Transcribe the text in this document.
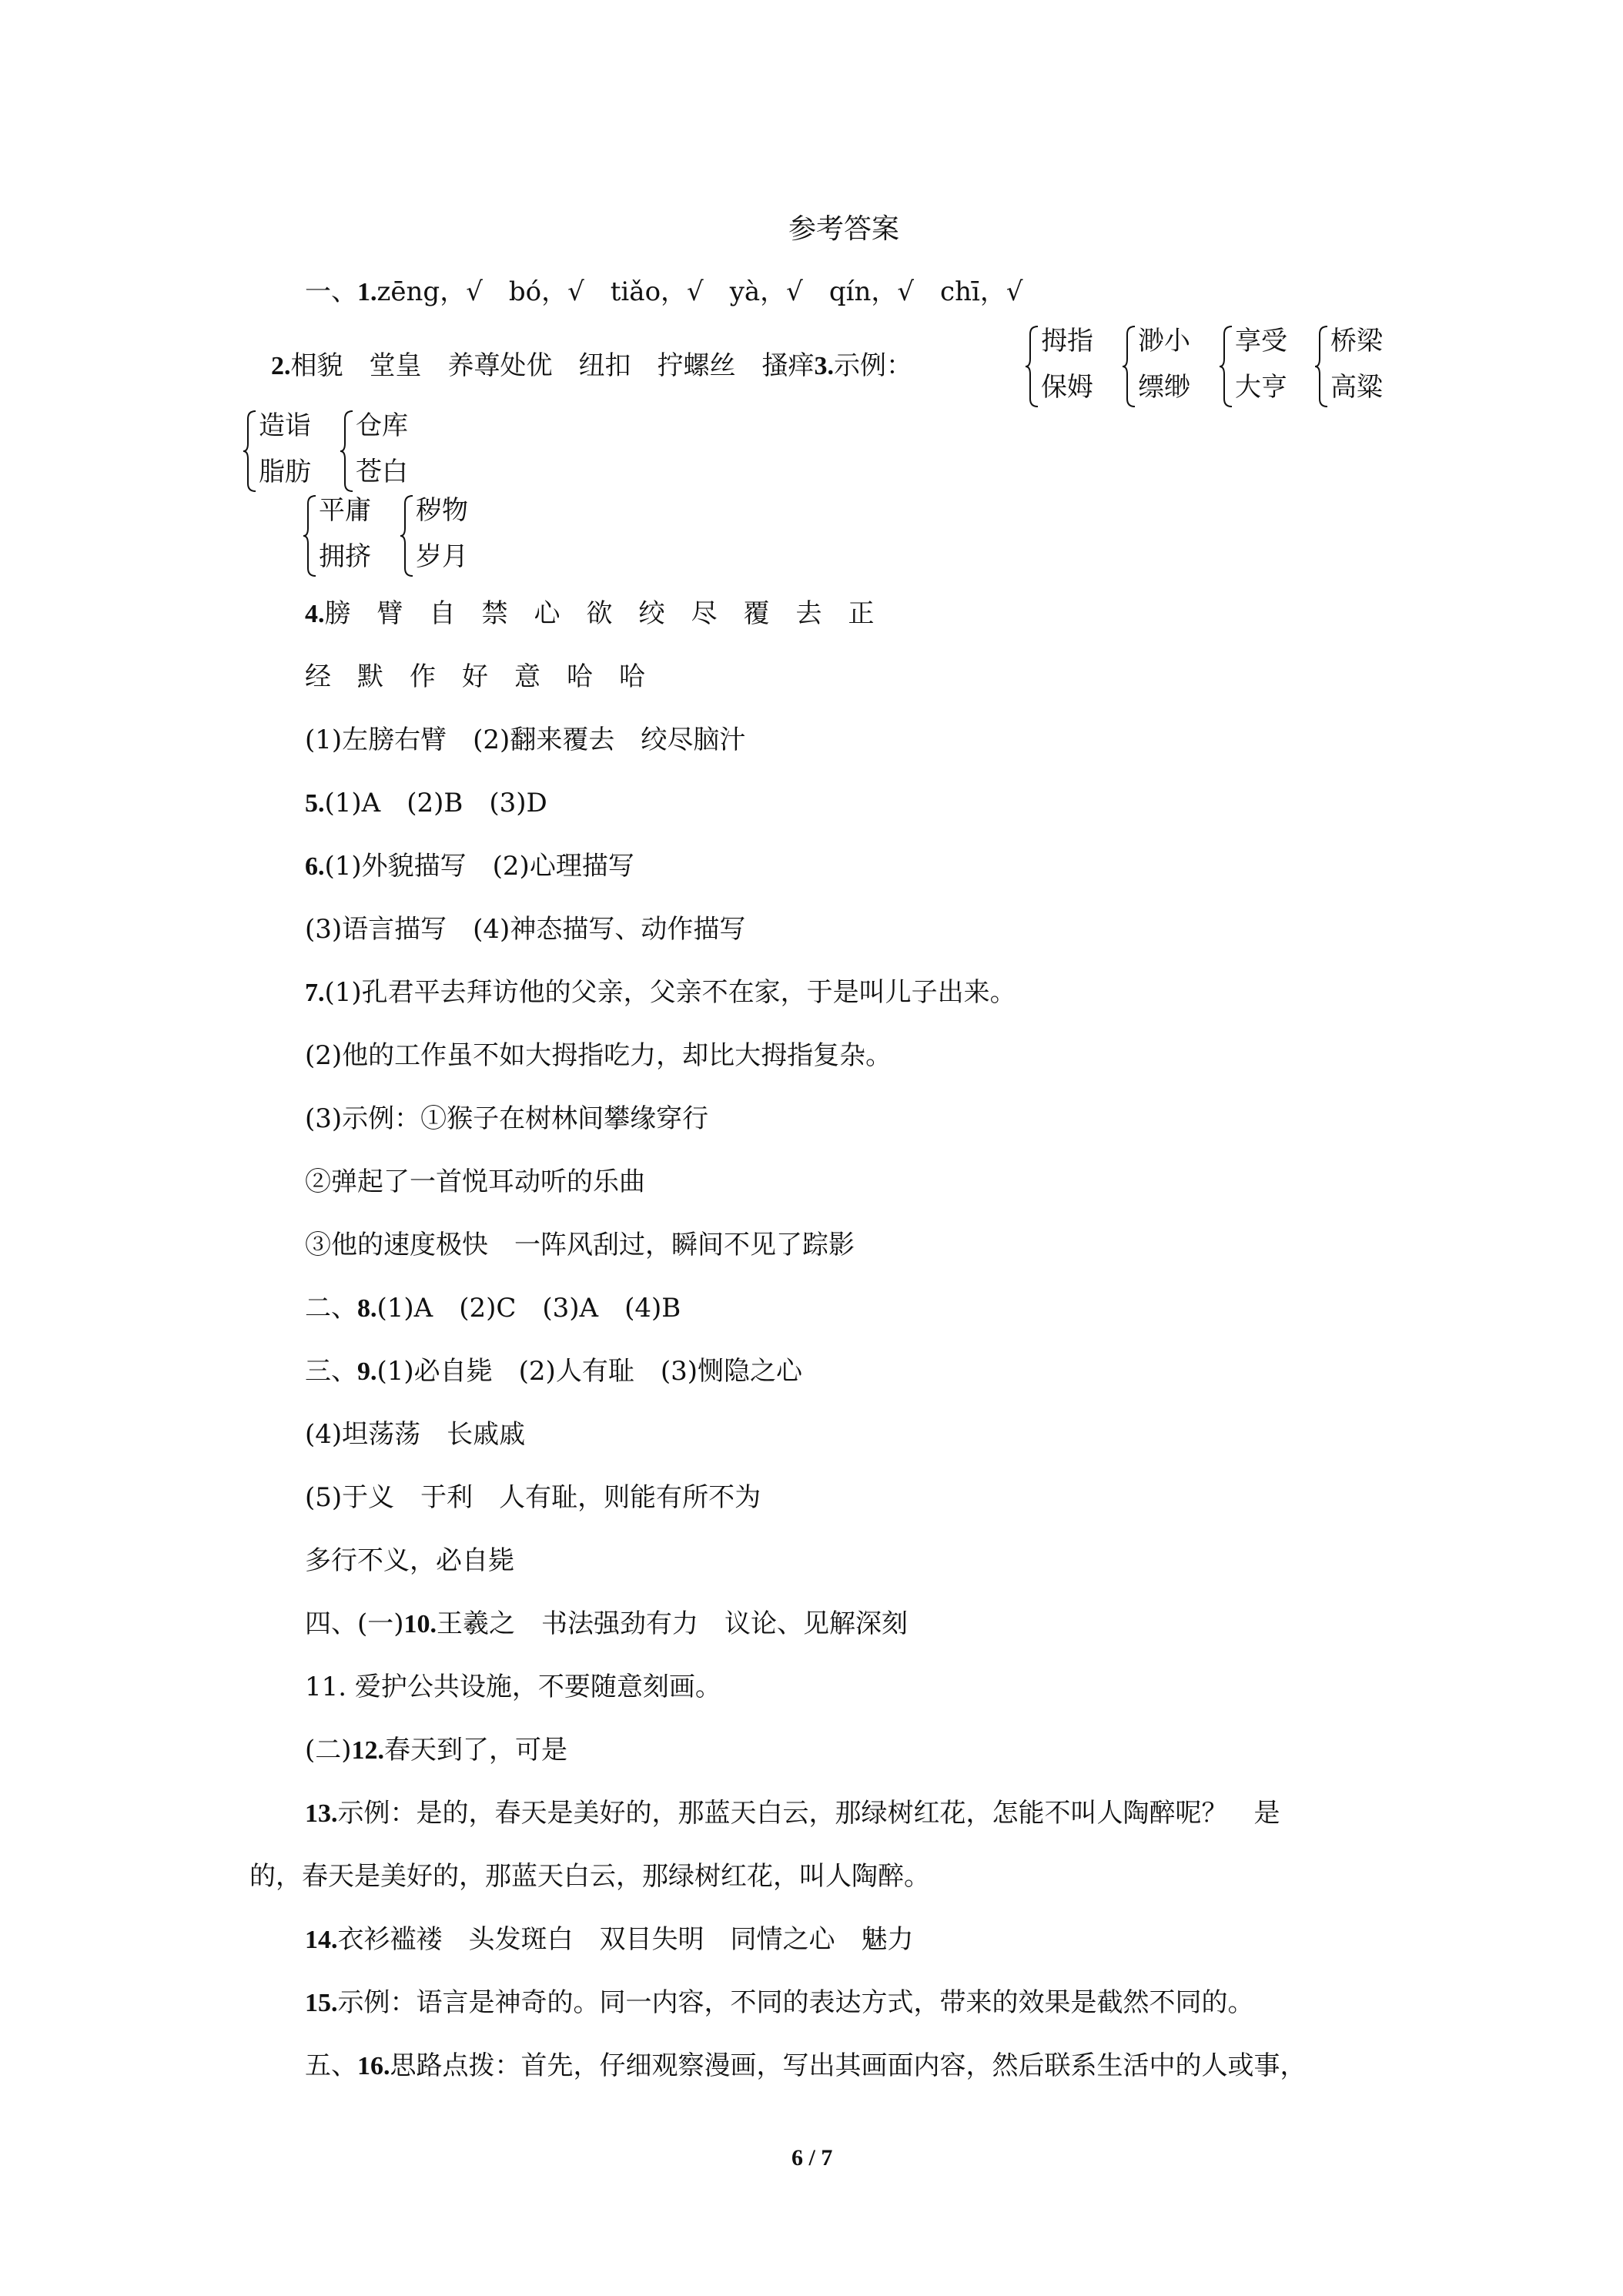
参考答案
一、1.zēng，√　bó，√　tiǎo，√　yà，√　qín，√　chī，√
2.相貌　堂皇　养尊处优　纽扣　拧螺丝　搔痒3.示例：
拇指
保姆
渺小
缥缈
享受
大亨
桥梁
高粱
造诣
脂肪
仓库
苍白
平庸
拥挤
秽物
岁月
4.膀　臂　自　禁　心　欲　绞　尽　覆　去　正
经　默　作　好　意　哈　哈
(1)左膀右臂　(2)翻来覆去　绞尽脑汁
5.(1)A　(2)B　(3)D
6.(1)外貌描写　(2)心理描写
(3)语言描写　(4)神态描写、动作描写
7.(1)孔君平去拜访他的父亲，父亲不在家，于是叫儿子出来。
(2)他的工作虽不如大拇指吃力，却比大拇指复杂。
(3)示例：①猴子在树林间攀缘穿行
②弹起了一首悦耳动听的乐曲
③他的速度极快　一阵风刮过，瞬间不见了踪影
二、8.(1)A　(2)C　(3)A　(4)B
三、9.(1)必自毙　(2)人有耻　(3)恻隐之心
(4)坦荡荡　长戚戚
(5)于义　于利　人有耻，则能有所不为
多行不义，必自毙
四、(一)10.王羲之　书法强劲有力　议论、见解深刻
11. 爱护公共设施，不要随意刻画。
(二)12.春天到了，可是
13.示例：是的，春天是美好的，那蓝天白云，那绿树红花，怎能不叫人陶醉呢？　是
的，春天是美好的，那蓝天白云，那绿树红花，叫人陶醉。
14.衣衫褴褛　头发斑白　双目失明　同情之心　魅力
15.示例：语言是神奇的。同一内容，不同的表达方式，带来的效果是截然不同的。
五、16.思路点拨：首先，仔细观察漫画，写出其画面内容，然后联系生活中的人或事，
6 / 7
